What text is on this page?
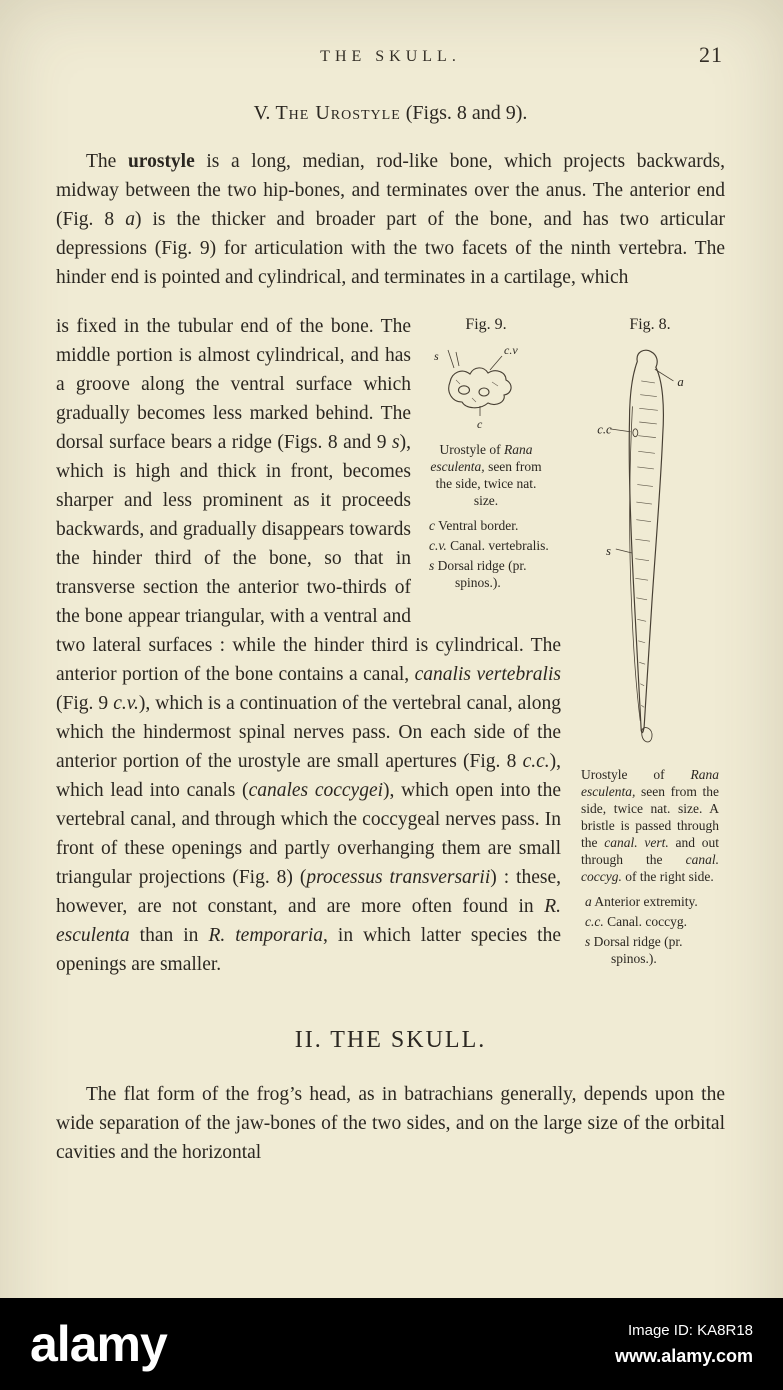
THE SKULL.	21
V. The Urostyle (Figs. 8 and 9).

The urostyle is a long, median, rod-like bone, which projects backwards, midway between the two hip-bones, and terminates over the anus. The anterior end (Fig. 8 a) is the thicker and broader part of the bone, and has two articular depressions (Fig. 9) for articulation with the two facets of the ninth vertebra. The hinder end is pointed and cylindrical, and terminates in a cartilage, which

Fig. 8.
a
c.c
s
Urostyle of Rana esculenta, seen from the side, twice nat. size. A bristle is passed through the canal. vert. and out through the canal. coccyg. of the right side.
a Anterior extremity.
c.c. Canal. coccyg.
s Dorsal ridge (pr. spinos.).
Fig. 9.
s	c.v
c
Urostyle of Rana esculenta, seen from the side, twice nat. size.
c Ventral border.
c.v. Canal. vertebralis.
s Dorsal ridge (pr. spinos.).

is fixed in the tubular end of the bone. The middle portion is almost cylindrical, and has a groove along the ventral surface which gradually becomes less marked behind. The dorsal surface bears a ridge (Figs. 8 and 9 s), which is high and thick in front, becomes sharper and less prominent as it proceeds backwards, and gradually disappears towards the hinder third of the bone, so that in transverse section the anterior two-thirds of the bone appear triangular, with a ventral and two lateral surfaces : while the hinder third is cylindrical. The anterior portion of the bone contains a canal, canalis vertebralis (Fig. 9 c.v.), which is a continuation of the vertebral canal, along which the hindermost spinal nerves pass. On each side of the anterior portion of the urostyle are small apertures (Fig. 8 c.c.), which lead into canals (canales coccygei), which open into the vertebral canal, and through which the coccygeal nerves pass. In front of these openings and partly overhanging them are small triangular projections (Fig. 8) (processus transversarii) : these, however, are not constant, and are more often found in R. esculenta than in R. temporaria, in which latter species the openings are smaller.

II. THE SKULL.

The flat form of the frog’s head, as in batrachians generally, depends upon the wide separation of the jaw-bones of the two sides, and on the large size of the orbital cavities and the horizontal

alamy	Image ID: KA8R18
www.alamy.com
